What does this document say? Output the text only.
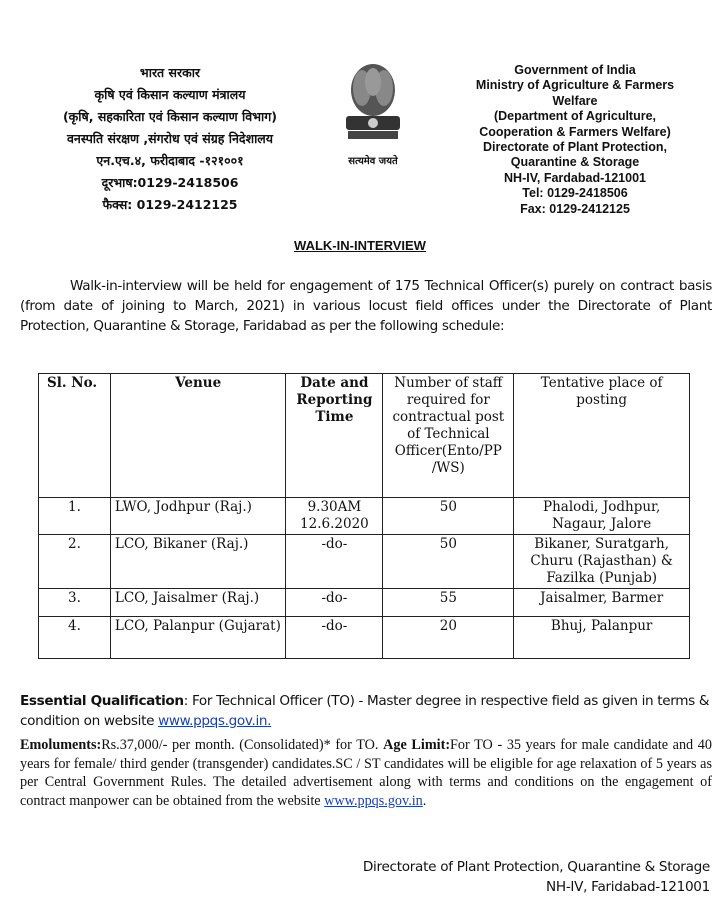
भारत सरकार
कृषि एवं किसान कल्याण मंत्रालय
(कृषि, सहकारिता एवं किसान कल्याण विभाग)
वनस्पति संरक्षण ,संगरोध एवं संग्रह निदेशालय
एन.एच.४, फरीदाबाद -१२१००१
दूरभाष:0129-2418506
फैक्स: 0129-2412125
सत्यमेव जयते
Government of India
Ministry of Agriculture & Farmers
Welfare
(Department of Agriculture,
Cooperation & Farmers Welfare)
Directorate of Plant Protection,
Quarantine & Storage
NH-IV, Fardabad-121001
Tel: 0129-2418506
Fax: 0129-2412125
WALK-IN-INTERVIEW
Walk-in-interview will be held for engagement of 175 Technical Officer(s) purely on contract basis (from date of joining to March, 2021) in various locust field offices under the Directorate of Plant Protection, Quarantine & Storage, Faridabad as per the following schedule:
Sl. No.	Venue	Date and Reporting Time	Number of staff required for contractual post of Technical Officer(Ento/PP /WS)	Tentative place of posting
1.	LWO, Jodhpur (Raj.)	9.30AM 12.6.2020	50	Phalodi, Jodhpur, Nagaur, Jalore
2.	LCO, Bikaner (Raj.)	-do-	50	Bikaner, Suratgarh, Churu (Rajasthan) & Fazilka (Punjab)
3.	LCO, Jaisalmer (Raj.)	-do-	55	Jaisalmer, Barmer
4.	LCO, Palanpur (Gujarat)	-do-	20	Bhuj, Palanpur
Essential Qualification: For Technical Officer (TO) - Master degree in respective field as given in terms & condition on website www.ppqs.gov.in.
Emoluments:Rs.37,000/- per month. (Consolidated)* for TO. Age Limit:For TO - 35 years for male candidate and 40 years for female/ third gender (transgender) candidates.SC / ST candidates will be eligible for age relaxation of 5 years as per Central Government Rules. The detailed advertisement along with terms and conditions on the engagement of contract manpower can be obtained from the website www.ppqs.gov.in.
Directorate of Plant Protection, Quarantine & Storage
NH-IV, Faridabad-121001
